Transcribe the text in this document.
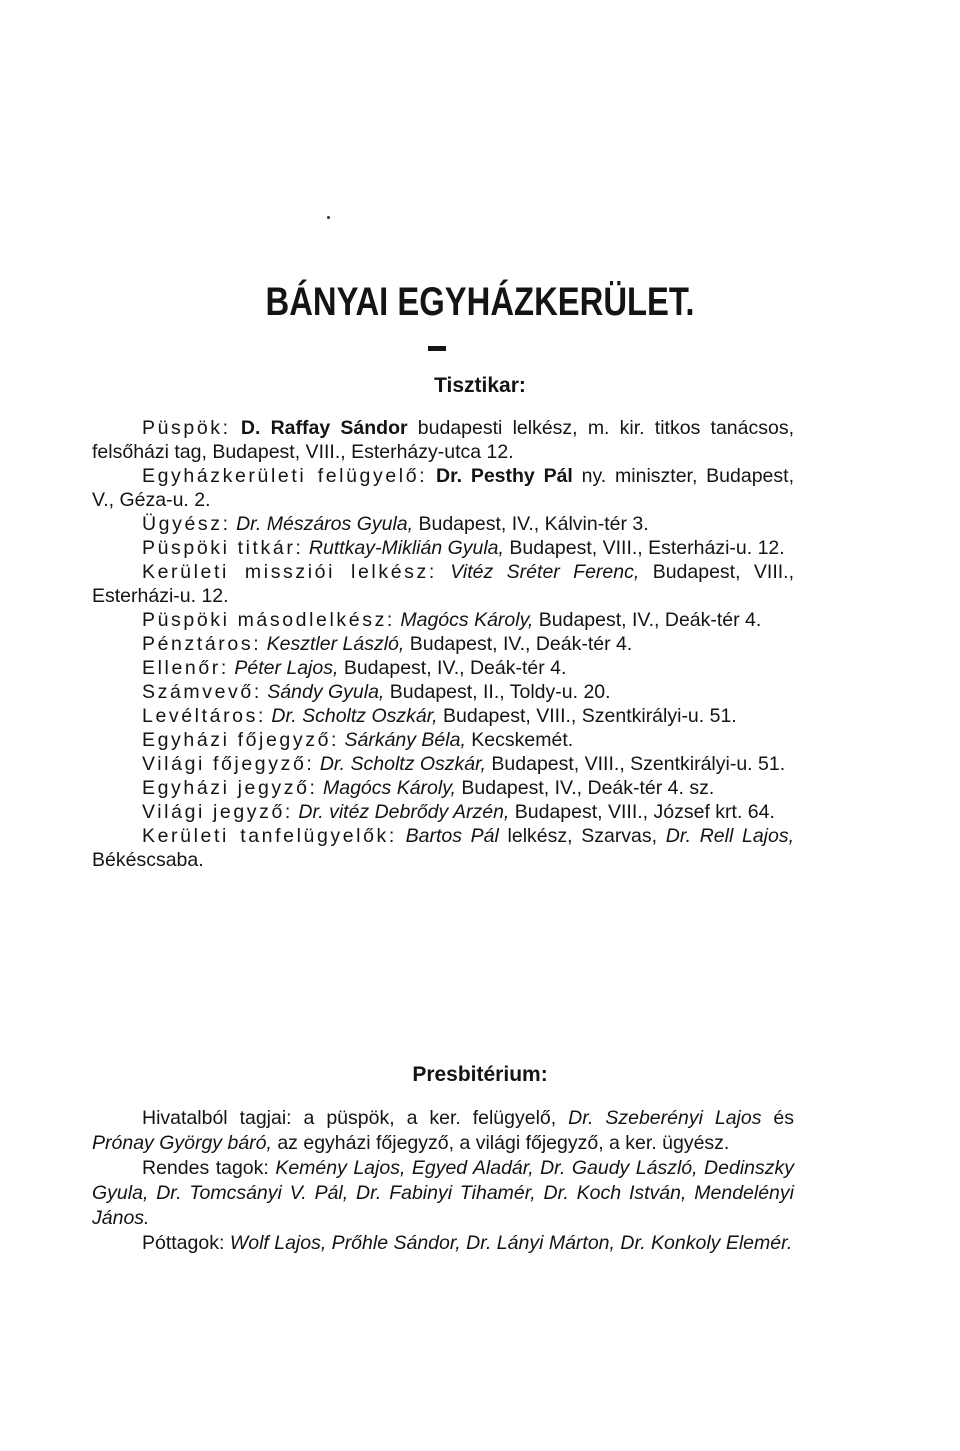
BÁNYAI EGYHÁZKERÜLET.
Tisztikar:

Püspök: D. Raffay Sándor budapesti lelkész, m. kir. titkos tanácsos, felsőházi tag, Budapest, VIII., Esterházy-utca 12.

Egyházkerületi felügyelő: Dr. Pesthy Pál ny. miniszter, Budapest, V., Géza-u. 2.

Ügyész: Dr. Mészáros Gyula, Budapest, IV., Kálvin-tér 3.

Püspöki titkár: Ruttkay-Miklián Gyula, Budapest, VIII., Esterházi-u. 12.

Kerületi missziói lelkész: Vitéz Sréter Ferenc, Budapest, VIII., Esterházi-u. 12.

Püspöki másodlelkész: Magócs Károly, Budapest, IV., Deák-tér 4.

Pénztáros: Kesztler László, Budapest, IV., Deák-tér 4.

Ellenőr: Péter Lajos, Budapest, IV., Deák-tér 4.

Számvevő: Sándy Gyula, Budapest, II., Toldy-u. 20.

Levéltáros: Dr. Scholtz Oszkár, Budapest, VIII., Szentkirályi-u. 51.

Egyházi főjegyző: Sárkány Béla, Kecskemét.

Világi főjegyző: Dr. Scholtz Oszkár, Budapest, VIII., Szentkirályi-u. 51.

Egyházi jegyző: Magócs Károly, Budapest, IV., Deák-tér 4. sz.

Világi jegyző: Dr. vitéz Debrődy Arzén, Budapest, VIII., József krt. 64.

Kerületi tanfelügyelők: Bartos Pál lelkész, Szarvas, Dr. Rell Lajos, Békéscsaba.

Presbitérium:

Hivatalból tagjai: a püspök, a ker. felügyelő, Dr. Szeberényi Lajos és Prónay György báró, az egyházi főjegyző, a világi főjegyző, a ker. ügyész.

Rendes tagok: Kemény Lajos, Egyed Aladár, Dr. Gaudy László, Dedinszky Gyula, Dr. Tomcsányi V. Pál, Dr. Fabinyi Tihamér, Dr. Koch István, Mendelényi János.

Póttagok: Wolf Lajos, Prőhle Sándor, Dr. Lányi Márton, Dr. Konkoly Elemér.
